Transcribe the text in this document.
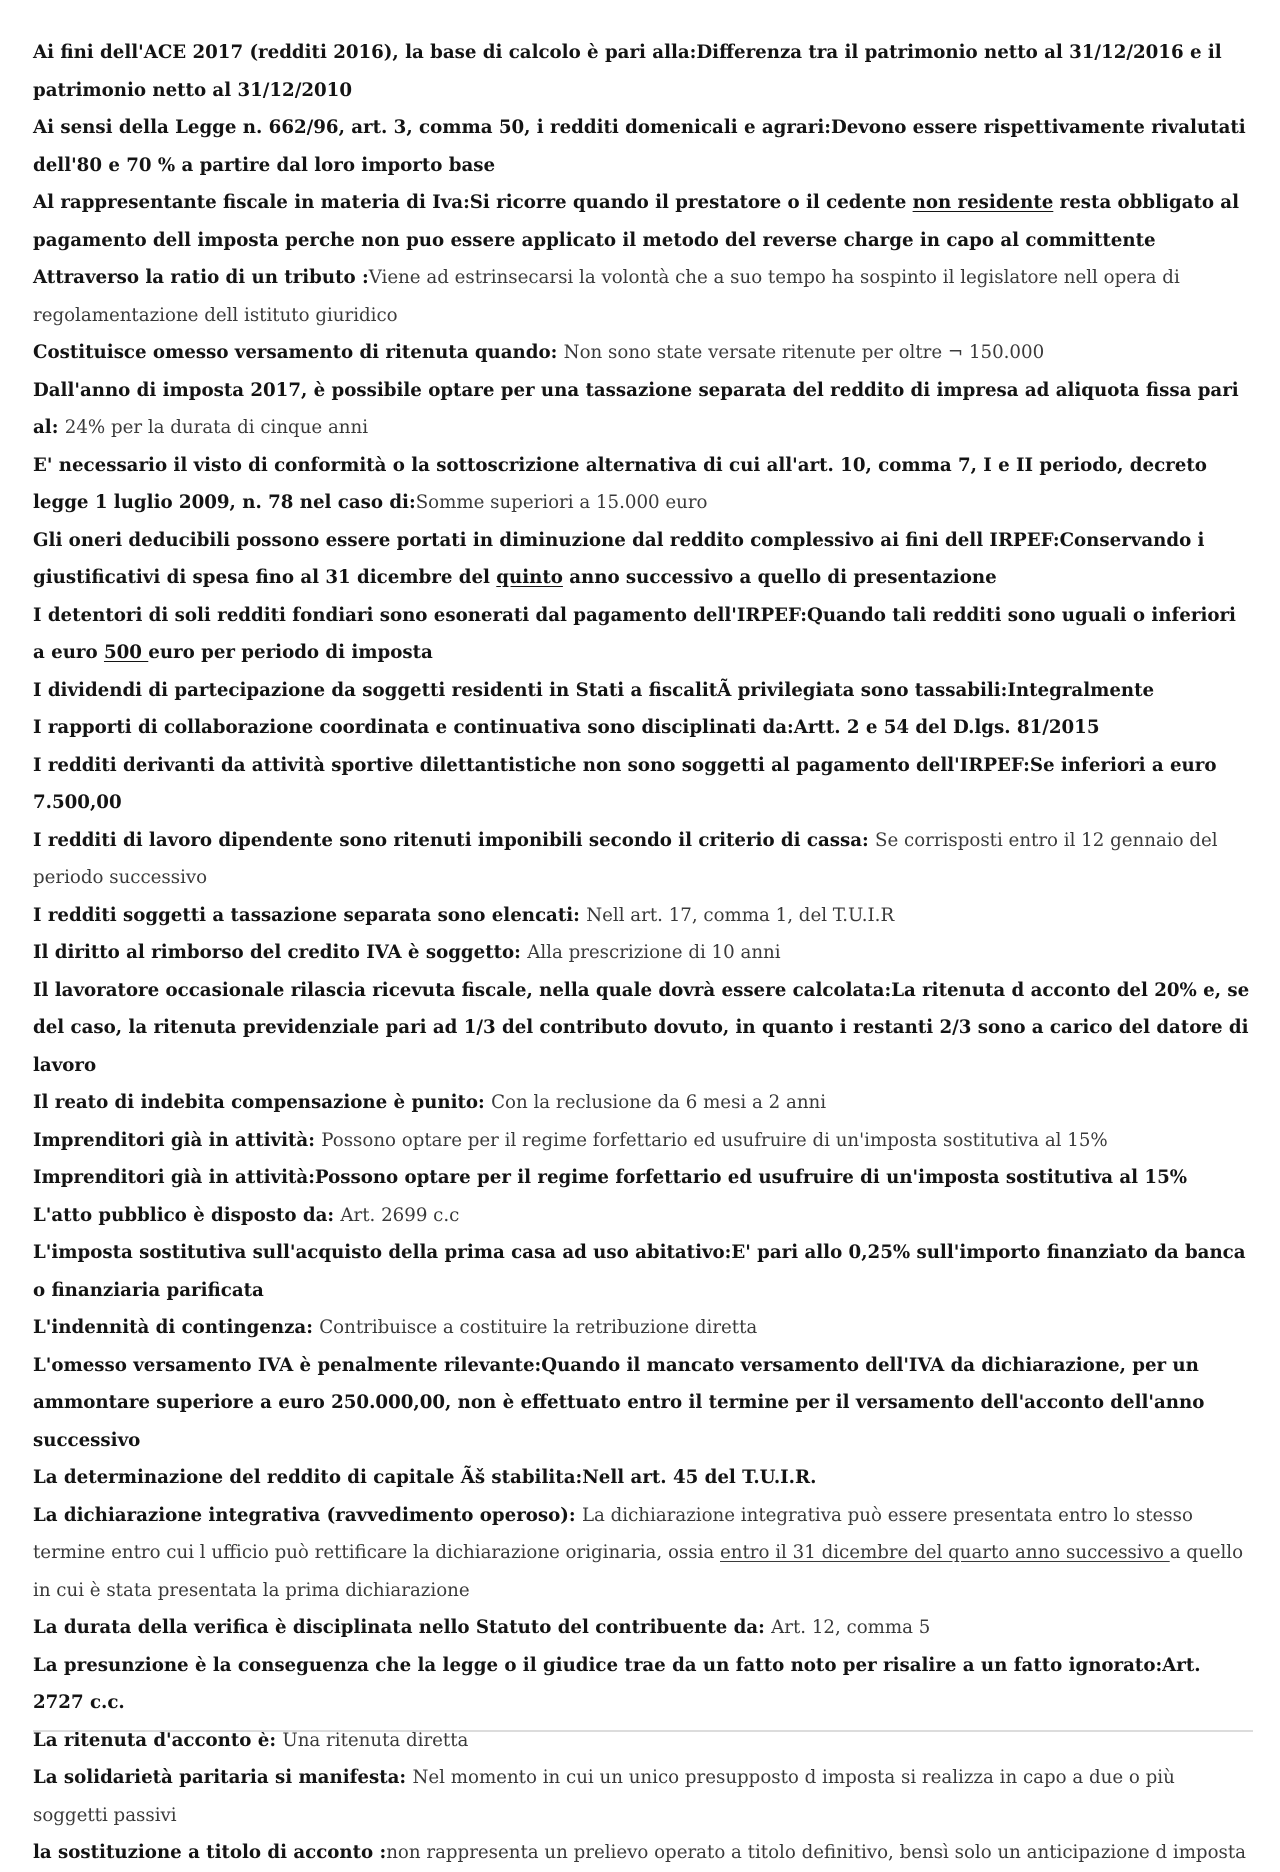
Ai fini dell'ACE 2017 (redditi 2016), la base di calcolo è pari alla:Differenza tra il patrimonio netto al 31/12/2016 e il patrimonio netto al 31/12/2010

Ai sensi della Legge n. 662/96, art. 3, comma 50, i redditi domenicali e agrari:Devono essere rispettivamente rivalutati dell'80 e 70 % a partire dal loro importo base

Al rappresentante fiscale in materia di Iva:Si ricorre quando il prestatore o il cedente non residente resta obbligato al pagamento dell imposta perche non puo essere applicato il metodo del reverse charge in capo al committente

Attraverso la ratio di un tributo :Viene ad estrinsecarsi la volontà che a suo tempo ha sospinto il legislatore nell opera di regolamentazione dell istituto giuridico

Costituisce omesso versamento di ritenuta quando: Non sono state versate ritenute per oltre ¬ 150.000

Dall'anno di imposta 2017, è possibile optare per una tassazione separata del reddito di impresa ad aliquota fissa pari al: 24% per la durata di cinque anni

E' necessario il visto di conformità o la sottoscrizione alternativa di cui all'art. 10, comma 7, I e II periodo, decreto legge 1 luglio 2009, n. 78 nel caso di:Somme superiori a 15.000 euro

Gli oneri deducibili possono essere portati in diminuzione dal reddito complessivo ai fini dell IRPEF:Conservando i giustificativi di spesa fino al 31 dicembre del quinto anno successivo a quello di presentazione

I detentori di soli redditi fondiari sono esonerati dal pagamento dell'IRPEF:Quando tali redditi sono uguali o inferiori a euro 500 euro per periodo di imposta

I dividendi di partecipazione da soggetti residenti in Stati a fiscalitÃ privilegiata sono tassabili:Integralmente

I rapporti di collaborazione coordinata e continuativa sono disciplinati da:Artt. 2 e 54 del D.lgs. 81/2015

I redditi derivanti da attività sportive dilettantistiche non sono soggetti al pagamento dell'IRPEF:Se inferiori a euro 7.500,00

I redditi di lavoro dipendente sono ritenuti imponibili secondo il criterio di cassa: Se corrisposti entro il 12 gennaio del periodo successivo

I redditi soggetti a tassazione separata sono elencati: Nell art. 17, comma 1, del T.U.I.R

Il diritto al rimborso del credito IVA è soggetto: Alla prescrizione di 10 anni

Il lavoratore occasionale rilascia ricevuta fiscale, nella quale dovrà essere calcolata:La ritenuta d acconto del 20% e, se del caso, la ritenuta previdenziale pari ad 1/3 del contributo dovuto, in quanto i restanti 2/3 sono a carico del datore di lavoro

Il reato di indebita compensazione è punito: Con la reclusione da 6 mesi a 2 anni

Imprenditori già in attività: Possono optare per il regime forfettario ed usufruire di un'imposta sostitutiva al 15%

Imprenditori già in attività:Possono optare per il regime forfettario ed usufruire di un'imposta sostitutiva al 15%

L'atto pubblico è disposto da: Art. 2699 c.c

L'imposta sostitutiva sull'acquisto della prima casa ad uso abitativo:E' pari allo 0,25% sull'importo finanziato da banca o finanziaria parificata

L'indennità di contingenza: Contribuisce a costituire la retribuzione diretta

L'omesso versamento IVA è penalmente rilevante:Quando il mancato versamento dell'IVA da dichiarazione, per un ammontare superiore a euro 250.000,00, non è effettuato entro il termine per il versamento dell'acconto dell'anno successivo

La determinazione del reddito di capitale Ãš stabilita:Nell art. 45 del T.U.I.R.

La dichiarazione integrativa (ravvedimento operoso): La dichiarazione integrativa può essere presentata entro lo stesso termine entro cui l ufficio può rettificare la dichiarazione originaria, ossia entro il 31 dicembre del quarto anno successivo a quello in cui è stata presentata la prima dichiarazione

La durata della verifica è disciplinata nello Statuto del contribuente da: Art. 12, comma 5

La presunzione è la conseguenza che la legge o il giudice trae da un fatto noto per risalire a un fatto ignorato:Art. 2727 c.c.

La ritenuta d'acconto è: Una ritenuta diretta

La solidarietà paritaria si manifesta: Nel momento in cui un unico presupposto d imposta si realizza in capo a due o più soggetti passivi

la sostituzione a titolo di acconto :non rappresenta un prelievo operato a titolo definitivo, bensì solo un anticipazione d imposta
